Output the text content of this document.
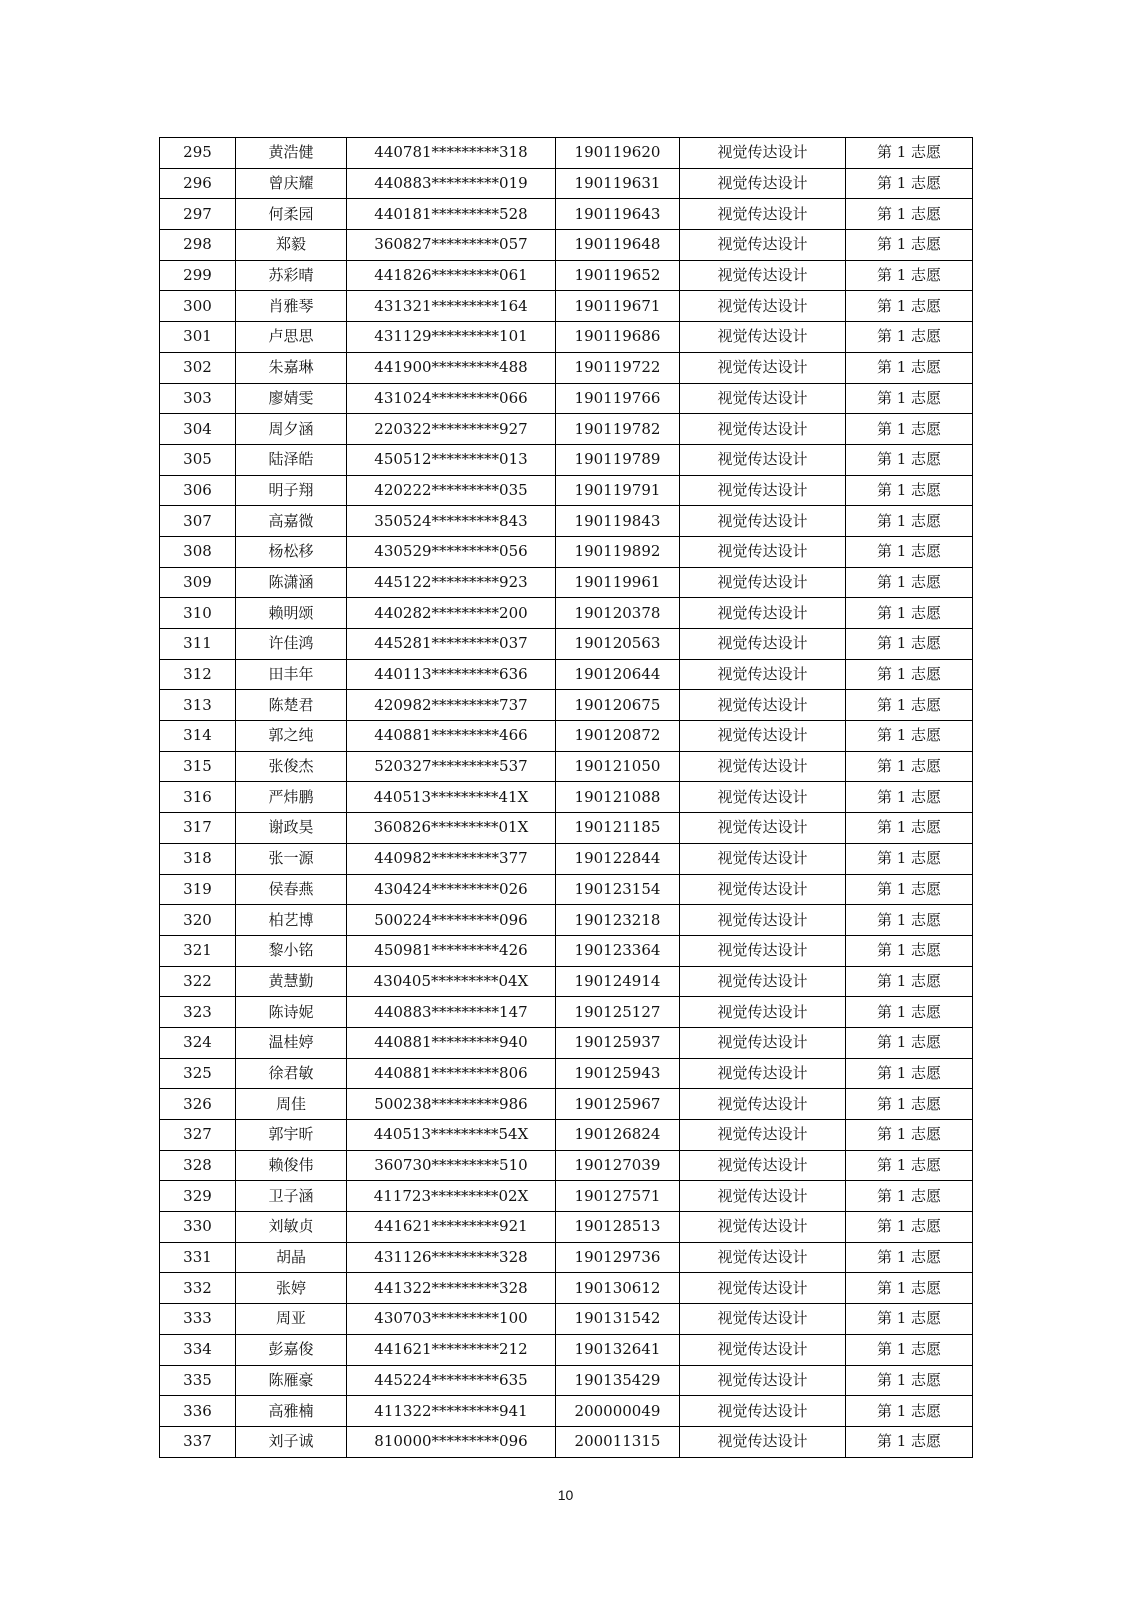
295	黄浩健	440781*********318	190119620	视觉传达设计	第 1 志愿
296	曾庆耀	440883*********019	190119631	视觉传达设计	第 1 志愿
297	何柔园	440181*********528	190119643	视觉传达设计	第 1 志愿
298	郑毅	360827*********057	190119648	视觉传达设计	第 1 志愿
299	苏彩晴	441826*********061	190119652	视觉传达设计	第 1 志愿
300	肖雅琴	431321*********164	190119671	视觉传达设计	第 1 志愿
301	卢思思	431129*********101	190119686	视觉传达设计	第 1 志愿
302	朱嘉琳	441900*********488	190119722	视觉传达设计	第 1 志愿
303	廖婧雯	431024*********066	190119766	视觉传达设计	第 1 志愿
304	周夕涵	220322*********927	190119782	视觉传达设计	第 1 志愿
305	陆泽皓	450512*********013	190119789	视觉传达设计	第 1 志愿
306	明子翔	420222*********035	190119791	视觉传达设计	第 1 志愿
307	高嘉微	350524*********843	190119843	视觉传达设计	第 1 志愿
308	杨松移	430529*********056	190119892	视觉传达设计	第 1 志愿
309	陈潇涵	445122*********923	190119961	视觉传达设计	第 1 志愿
310	赖明颂	440282*********200	190120378	视觉传达设计	第 1 志愿
311	许佳鸿	445281*********037	190120563	视觉传达设计	第 1 志愿
312	田丰年	440113*********636	190120644	视觉传达设计	第 1 志愿
313	陈楚君	420982*********737	190120675	视觉传达设计	第 1 志愿
314	郭之纯	440881*********466	190120872	视觉传达设计	第 1 志愿
315	张俊杰	520327*********537	190121050	视觉传达设计	第 1 志愿
316	严炜鹏	440513*********41X	190121088	视觉传达设计	第 1 志愿
317	谢政昊	360826*********01X	190121185	视觉传达设计	第 1 志愿
318	张一源	440982*********377	190122844	视觉传达设计	第 1 志愿
319	侯春燕	430424*********026	190123154	视觉传达设计	第 1 志愿
320	柏艺博	500224*********096	190123218	视觉传达设计	第 1 志愿
321	黎小铭	450981*********426	190123364	视觉传达设计	第 1 志愿
322	黄慧勤	430405*********04X	190124914	视觉传达设计	第 1 志愿
323	陈诗妮	440883*********147	190125127	视觉传达设计	第 1 志愿
324	温桂婷	440881*********940	190125937	视觉传达设计	第 1 志愿
325	徐君敏	440881*********806	190125943	视觉传达设计	第 1 志愿
326	周佳	500238*********986	190125967	视觉传达设计	第 1 志愿
327	郭宇昕	440513*********54X	190126824	视觉传达设计	第 1 志愿
328	赖俊伟	360730*********510	190127039	视觉传达设计	第 1 志愿
329	卫子涵	411723*********02X	190127571	视觉传达设计	第 1 志愿
330	刘敏贞	441621*********921	190128513	视觉传达设计	第 1 志愿
331	胡晶	431126*********328	190129736	视觉传达设计	第 1 志愿
332	张婷	441322*********328	190130612	视觉传达设计	第 1 志愿
333	周亚	430703*********100	190131542	视觉传达设计	第 1 志愿
334	彭嘉俊	441621*********212	190132641	视觉传达设计	第 1 志愿
335	陈雁豪	445224*********635	190135429	视觉传达设计	第 1 志愿
336	高雅楠	411322*********941	200000049	视觉传达设计	第 1 志愿
337	刘子诚	810000*********096	200011315	视觉传达设计	第 1 志愿
10
